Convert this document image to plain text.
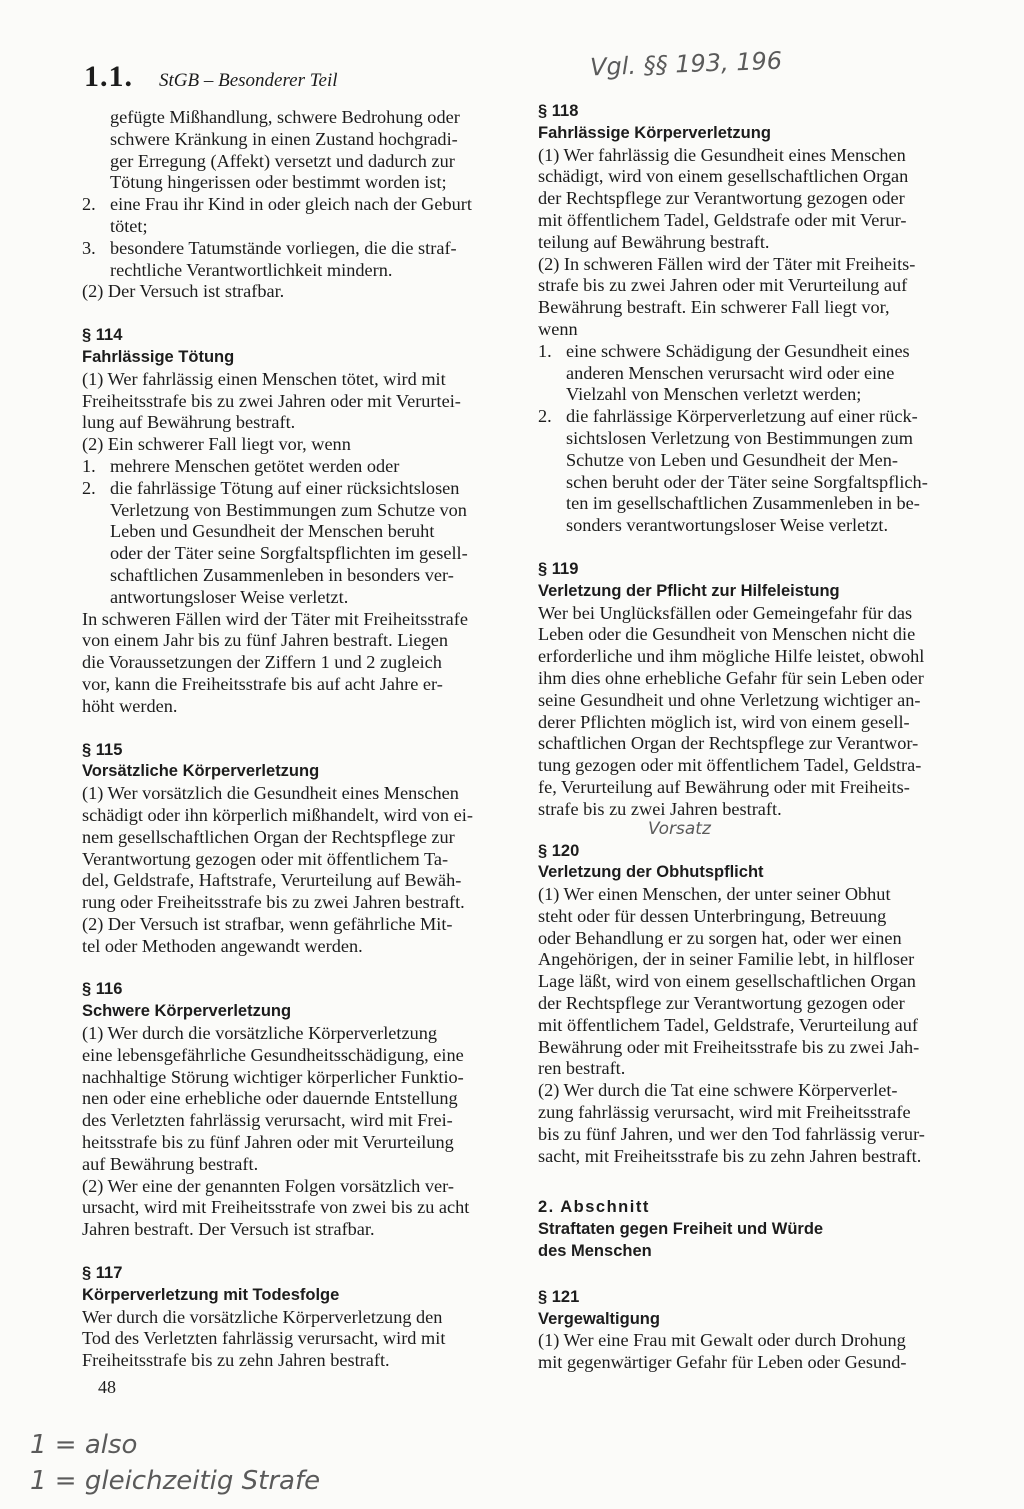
1.1. StGB – Besonderer Teil	Vgl. §§ 193, 196

gefügte Mißhandlung, schwere Bedrohung oder

schwere Kränkung in einen Zustand hochgradi-

ger Erregung (Affekt) versetzt und dadurch zur

Tötung hingerissen oder bestimmt worden ist;

2. eine Frau ihr Kind in oder gleich nach der Geburt

tötet;

3. besondere Tatumstände vorliegen, die die straf-

rechtliche Verantwortlichkeit mindern.

(2) Der Versuch ist strafbar.

§ 114
Fahrlässige Tötung

(1) Wer fahrlässig einen Menschen tötet, wird mit

Freiheitsstrafe bis zu zwei Jahren oder mit Verurtei-

lung auf Bewährung bestraft.

(2) Ein schwerer Fall liegt vor, wenn

1. mehrere Menschen getötet werden oder

2. die fahrlässige Tötung auf einer rücksichtslosen

Verletzung von Bestimmungen zum Schutze von

Leben und Gesundheit der Menschen beruht

oder der Täter seine Sorgfaltspflichten im gesell-

schaftlichen Zusammenleben in besonders ver-

antwortungsloser Weise verletzt.

In schweren Fällen wird der Täter mit Freiheitsstrafe

von einem Jahr bis zu fünf Jahren bestraft. Liegen

die Voraussetzungen der Ziffern 1 und 2 zugleich

vor, kann die Freiheitsstrafe bis auf acht Jahre er-

höht werden.

§ 115
Vorsätzliche Körperverletzung

(1) Wer vorsätzlich die Gesundheit eines Menschen

schädigt oder ihn körperlich mißhandelt, wird von ei-

nem gesellschaftlichen Organ der Rechtspflege zur

Verantwortung gezogen oder mit öffentlichem Ta-

del, Geldstrafe, Haftstrafe, Verurteilung auf Bewäh-

rung oder Freiheitsstrafe bis zu zwei Jahren bestraft.

(2) Der Versuch ist strafbar, wenn gefährliche Mit-

tel oder Methoden angewandt werden.

§ 116
Schwere Körperverletzung

(1) Wer durch die vorsätzliche Körperverletzung

eine lebensgefährliche Gesundheitsschädigung, eine

nachhaltige Störung wichtiger körperlicher Funktio-

nen oder eine erhebliche oder dauernde Entstellung

des Verletzten fahrlässig verursacht, wird mit Frei-

heitsstrafe bis zu fünf Jahren oder mit Verurteilung

auf Bewährung bestraft.

(2) Wer eine der genannten Folgen vorsätzlich ver-

ursacht, wird mit Freiheitsstrafe von zwei bis zu acht

Jahren bestraft. Der Versuch ist strafbar.

§ 117
Körperverletzung mit Todesfolge

Wer durch die vorsätzliche Körperverletzung den

Tod des Verletzten fahrlässig verursacht, wird mit

Freiheitsstrafe bis zu zehn Jahren bestraft.

48
§ 118
Fahrlässige Körperverletzung

(1) Wer fahrlässig die Gesundheit eines Menschen

schädigt, wird von einem gesellschaftlichen Organ

der Rechtspflege zur Verantwortung gezogen oder

mit öffentlichem Tadel, Geldstrafe oder mit Verur-

teilung auf Bewährung bestraft.

(2) In schweren Fällen wird der Täter mit Freiheits-

strafe bis zu zwei Jahren oder mit Verurteilung auf

Bewährung bestraft. Ein schwerer Fall liegt vor,

wenn

1. eine schwere Schädigung der Gesundheit eines

anderen Menschen verursacht wird oder eine

Vielzahl von Menschen verletzt werden;

2. die fahrlässige Körperverletzung auf einer rück-

sichtslosen Verletzung von Bestimmungen zum

Schutze von Leben und Gesundheit der Men-

schen beruht oder der Täter seine Sorgfaltspflich-

ten im gesellschaftlichen Zusammenleben in be-

sonders verantwortungsloser Weise verletzt.

§ 119
Verletzung der Pflicht zur Hilfeleistung

Wer bei Unglücksfällen oder Gemeingefahr für das

Leben oder die Gesundheit von Menschen nicht die

erforderliche und ihm mögliche Hilfe leistet, obwohl

ihm dies ohne erhebliche Gefahr für sein Leben oder

seine Gesundheit und ohne Verletzung wichtiger an-

derer Pflichten möglich ist, wird von einem gesell-

schaftlichen Organ der Rechtspflege zur Verantwor-

tung gezogen oder mit öffentlichem Tadel, Geldstra-

fe, Verurteilung auf Bewährung oder mit Freiheits-

strafe bis zu zwei Jahren bestraft.

Vorsatz
§ 120
Verletzung der Obhutspflicht

(1) Wer einen Menschen, der unter seiner Obhut

steht oder für dessen Unterbringung, Betreuung

oder Behandlung er zu sorgen hat, oder wer einen

Angehörigen, der in seiner Familie lebt, in hilfloser

Lage läßt, wird von einem gesellschaftlichen Organ

der Rechtspflege zur Verantwortung gezogen oder

mit öffentlichem Tadel, Geldstrafe, Verurteilung auf

Bewährung oder mit Freiheitsstrafe bis zu zwei Jah-

ren bestraft.

(2) Wer durch die Tat eine schwere Körperverlet-

zung fahrlässig verursacht, wird mit Freiheitsstrafe

bis zu fünf Jahren, und wer den Tod fahrlässig verur-

sacht, mit Freiheitsstrafe bis zu zehn Jahren bestraft.

2. Abschnitt
Straftaten gegen Freiheit und Würde
des Menschen
§ 121
Vergewaltigung

(1) Wer eine Frau mit Gewalt oder durch Drohung

mit gegenwärtiger Gefahr für Leben oder Gesund-

1 = also
1 = gleichzeitig Strafe
